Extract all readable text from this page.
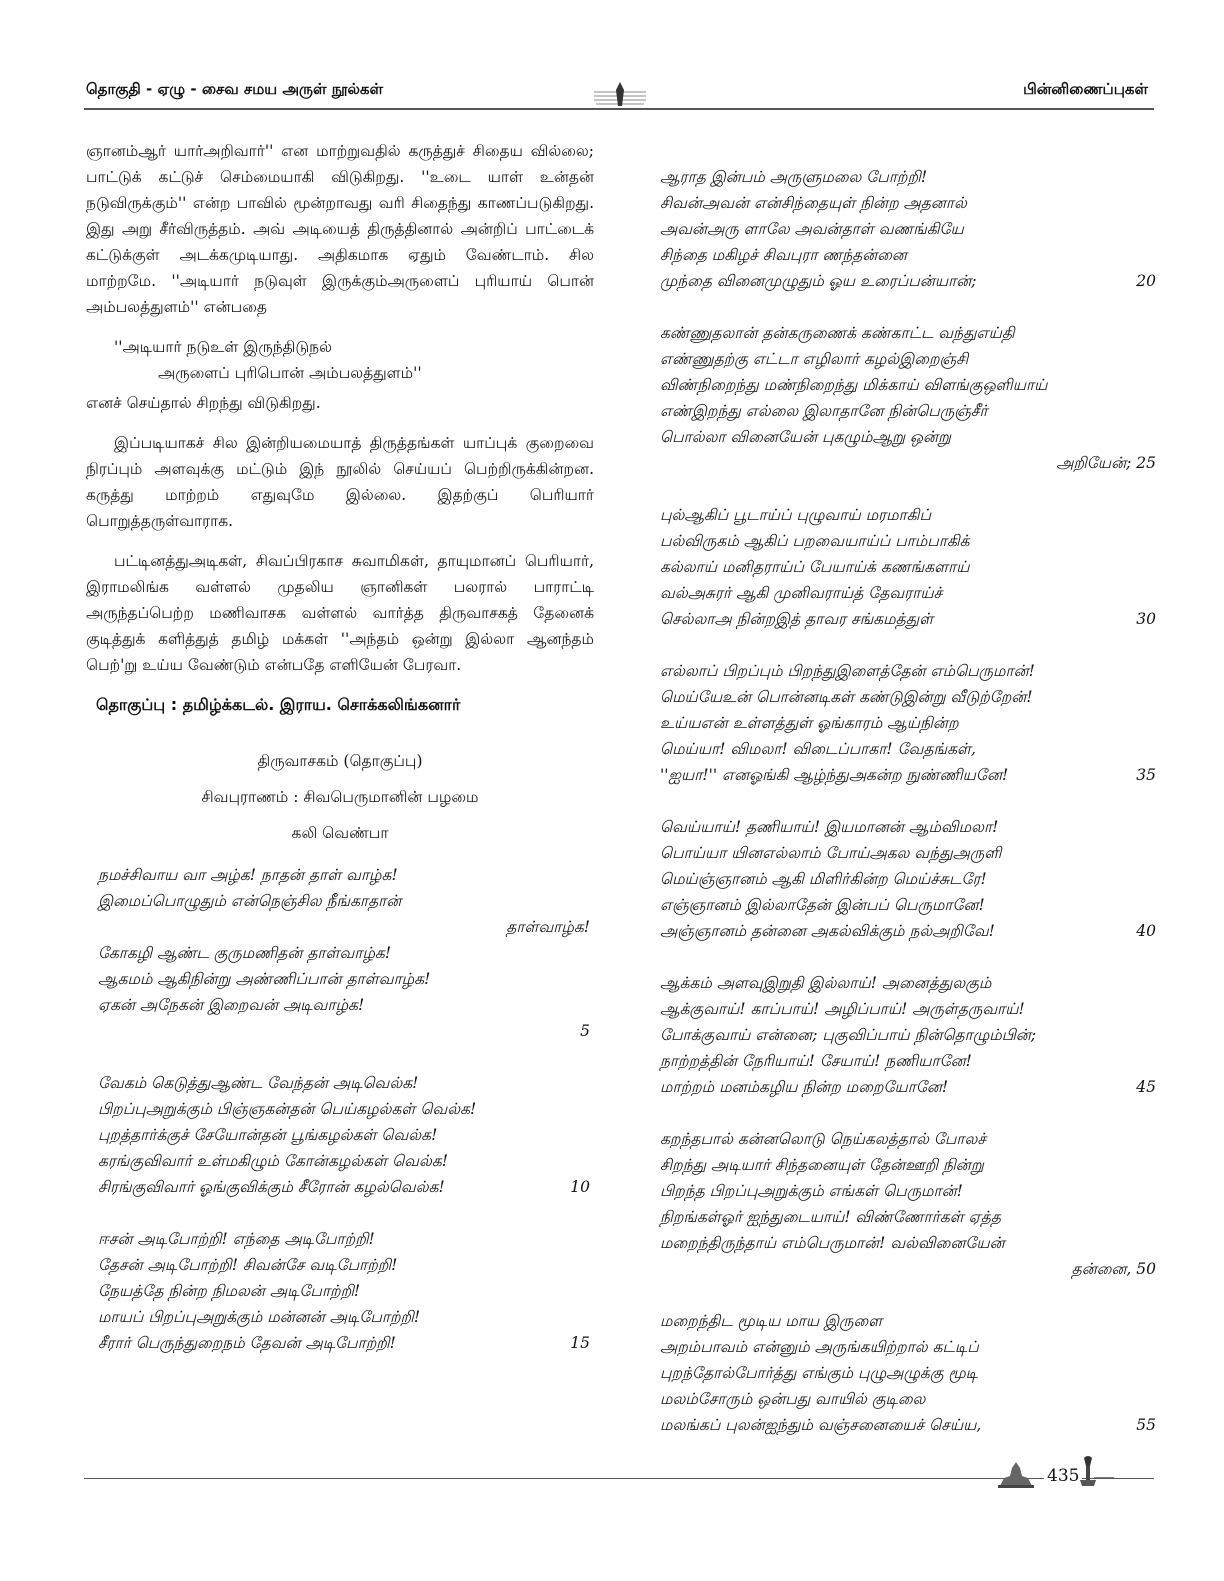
தொகுதி - ஏழு - சைவ சமய அருள் நூல்கள்	பின்னிணைப்புகள்

ஞானம்ஆர் யார்அறிவார்'' என மாற்றுவதில் கருத்துச் சிதைய வில்லை; பாட்டுக் கட்டுச் செம்மையாகி விடுகிறது. ''உடை யாள் உன்தன் நடுவிருக்கும்'' என்ற பாவில் மூன்றாவது வரி சிதைந்து காணப்படுகிறது. இது அறு சீர்விருத்தம். அவ் அடியைத் திருத்தினால் அன்றிப் பாட்டைக் கட்டுக்குள் அடக்கமுடியாது. அதிகமாக ஏதும் வேண்டாம். சில மாற்றமே. ''அடியார் நடுவுள் இருக்கும்அருளைப் புரியாய் பொன் அம்பலத்துளம்'' என்பதை

''அடியார் நடுஉள் இருந்திடுநல்
அருளைப் புரிபொன் அம்பலத்துளம்''

எனச் செய்தால் சிறந்து விடுகிறது.

இப்படியாகச் சில இன்றியமையாத் திருத்தங்கள் யாப்புக் குறைவை நிரப்பும் அளவுக்கு மட்டும் இந் நூலில் செய்யப் பெற்றிருக்கின்றன. கருத்து மாற்றம் எதுவுமே இல்லை. இதற்குப் பெரியார் பொறுத்தருள்வாராக.

பட்டினத்துஅடிகள், சிவப்பிரகாச சுவாமிகள், தாயுமானப் பெரியார், இராமலிங்க வள்ளல் முதலிய ஞானிகள் பலரால் பாராட்டி அருந்தப்பெற்ற மணிவாசக வள்ளல் வார்த்த திருவாசகத் தேனைக் குடித்துக் களித்துத் தமிழ் மக்கள் ''அந்தம் ஒன்று இல்லா ஆனந்தம் பெற்'று உய்ய வேண்டும் என்பதே எளியேன் பேரவா.

தொகுப்பு : தமிழ்க்கடல். இராய. சொக்கலிங்கனார்
திருவாசகம் (தொகுப்பு)
சிவபுராணம் : சிவபெருமானின் பழமை
கலி வெண்பா
நமச்சிவாய வா அழ்க! நாதன் தாள் வாழ்க!
இமைப்பொழுதும் என்நெஞ்சில நீங்காதான்
தாள்வாழ்க!
கோகழி ஆண்ட குருமணிதன் தாள்வாழ்க!
ஆகமம் ஆகிநின்று அண்ணிப்பான் தாள்வாழ்க!
ஏகன் அநேகன் இறைவன் அடிவாழ்க!
5
வேகம் கெடுத்துஆண்ட வேந்தன் அடிவெல்க!
பிறப்புஅறுக்கும் பிஞ்ஞகன்தன் பெய்கழல்கள் வெல்க!
புறத்தார்க்குச் சேயோன்தன் பூங்கழல்கள் வெல்க!
கரங்குவிவார் உள்மகிழும் கோன்கழல்கள் வெல்க!
சிரங்குவிவார் ஓங்குவிக்கும் சீரோன் கழல்வெல்க!	10
ஈசன் அடிபோற்றி! எந்தை அடிபோற்றி!
தேசன் அடிபோற்றி! சிவன்சே வடிபோற்றி!
நேயத்தே நின்ற நிமலன் அடிபோற்றி!
மாயப் பிறப்புஅறுக்கும் மன்னன் அடிபோற்றி!
சீரார் பெருந்துறைநம் தேவன் அடிபோற்றி!	15
ஆராத இன்பம் அருளுமலை போற்றி!
சிவன்அவன் என்சிந்தையுள் நின்ற அதனால்
அவன்அரு ளாலே அவன்தாள் வணங்கியே
சிந்தை மகிழச் சிவபுரா ணந்தன்னை
முந்தை வினைமுழுதும் ஓய உரைப்பன்யான்;	20
கண்ணுதலான் தன்கருணைக் கண்காட்ட வந்துஎய்தி
எண்ணுதற்கு எட்டா எழிலார் கழல்இறைஞ்சி
விண்நிறைந்து மண்நிறைந்து மிக்காய் விளங்குஒளியாய்
எண்இறந்து எல்லை இலாதானே நின்பெருஞ்சீர்
பொல்லா வினையேன் புகழும்ஆறு ஒன்று
அறியேன்; 25
புல்ஆகிப் பூடாய்ப் புழுவாய் மரமாகிப்
பல்விருகம் ஆகிப் பறவையாய்ப் பாம்பாகிக்
கல்லாய் மனிதராய்ப் பேயாய்க் கணங்களாய்
வல்அசுரர் ஆகி முனிவராய்த் தேவராய்ச்
செல்லாஅ நின்றஇத் தாவர சங்கமத்துள்	30
எல்லாப் பிறப்பும் பிறந்துஇளைத்தேன் எம்பெருமான்!
மெய்யேஉன் பொன்னடிகள் கண்டுஇன்று வீடுற்றேன்!
உய்யஎன் உள்ளத்துள் ஓங்காரம் ஆய்நின்ற
மெய்யா! விமலா! விடைப்பாகா! வேதங்கள்,
''ஐயா!'' எனஓங்கி ஆழ்ந்துஅகன்ற நுண்ணியனே!	35
வெய்யாய்! தணியாய்! இயமானன் ஆம்விமலா!
பொய்யா யினஎல்லாம் போய்அகல வந்துஅருளி
மெய்ஞ்ஞானம் ஆகி மிளிர்கின்ற மெய்ச்சுடரே!
எஞ்ஞானம் இல்லாதேன் இன்பப் பெருமானே!
அஞ்ஞானம் தன்னை அகல்விக்கும் நல்அறிவே!	40
ஆக்கம் அளவுஇறுதி இல்லாய்! அனைத்துலகும்
ஆக்குவாய்! காப்பாய்! அழிப்பாய்! அருள்தருவாய்!
போக்குவாய் என்னை; புகுவிப்பாய் நின்தொழும்பின்;
நாற்றத்தின் நேரியாய்! சேயாய்! நணியானே!
மாற்றம் மனம்கழிய நின்ற மறையோனே!	45
கறந்தபால் கன்னலொடு நெய்கலத்தால் போலச்
சிறந்து அடியார் சிந்தனையுள் தேன்ஊறி நின்று
பிறந்த பிறப்புஅறுக்கும் எங்கள் பெருமான்!
நிறங்கள்ஓர் ஐந்துடையாய்! விண்ணோர்கள் ஏத்த
மறைந்திருந்தாய் எம்பெருமான்! வல்வினையேன்
தன்னை, 50
மறைந்திட மூடிய மாய இருளை
அறம்பாவம் என்னும் அருங்கயிற்றால் கட்டிப்
புறந்தோல்போர்த்து எங்கும் புழுஅழுக்கு மூடி
மலம்சோரும் ஒன்பது வாயில் குடிலை
மலங்கப் புலன்ஐந்தும் வஞ்சனையைச் செய்ய,	55
435
